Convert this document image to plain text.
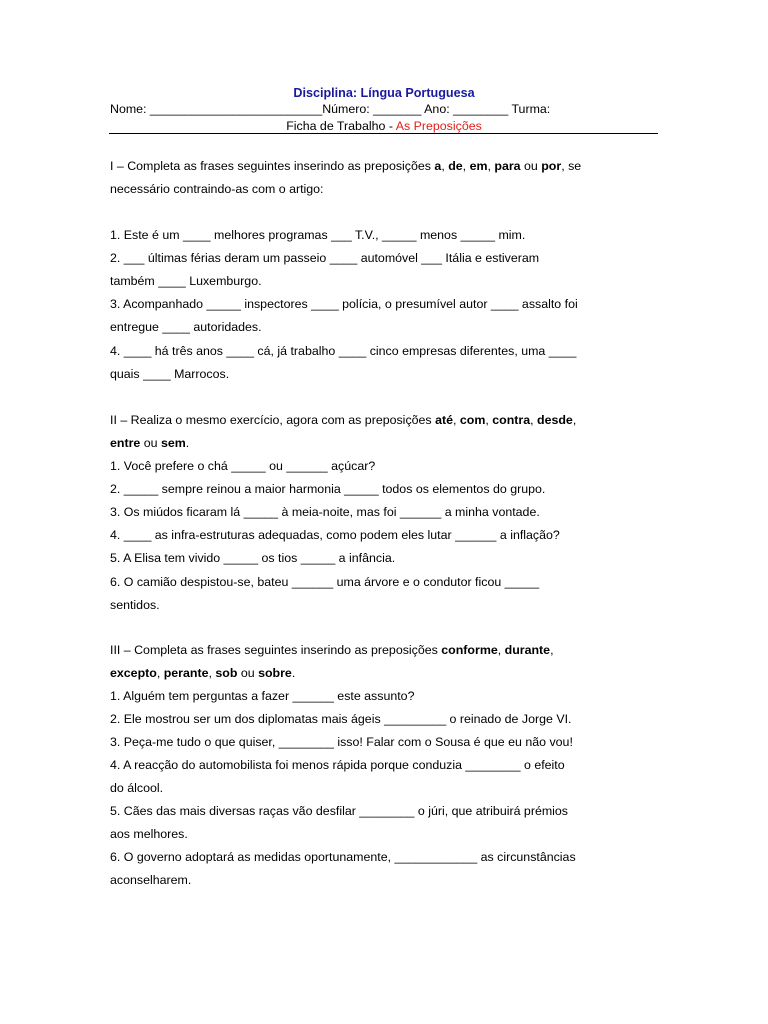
Disciplina: Língua Portuguesa
Nome: _________________________Número: _______ Ano: ________ Turma:
Ficha de Trabalho - As Preposições
I – Completa as frases seguintes inserindo as preposições a, de, em, para ou por, se
necessário contraindo-as com o artigo:
1. Este é um ____ melhores programas ___ T.V., _____ menos _____ mim.
2. ___ últimas férias deram um passeio ____ automóvel ___ Itália e estiveram
também ____ Luxemburgo.
3. Acompanhado _____ inspectores ____ polícia, o presumível autor ____ assalto foi
entregue ____ autoridades.
4. ____ há três anos ____ cá, já trabalho ____ cinco empresas diferentes, uma ____
quais ____ Marrocos.
II – Realiza o mesmo exercício, agora com as preposições até, com, contra, desde,
entre ou sem.
1. Você prefere o chá _____ ou ______ açúcar?
2. _____ sempre reinou a maior harmonia _____ todos os elementos do grupo.
3. Os miúdos ficaram lá _____ à meia-noite, mas foi ______ a minha vontade.
4. ____ as infra-estruturas adequadas, como podem eles lutar ______ a inflação?
5. A Elisa tem vivido _____ os tios _____ a infância.
6. O camião despistou-se, bateu ______ uma árvore e o condutor ficou _____
sentidos.
III – Completa as frases seguintes inserindo as preposições conforme, durante,
excepto, perante, sob ou sobre.
1. Alguém tem perguntas a fazer ______ este assunto?
2. Ele mostrou ser um dos diplomatas mais ágeis _________ o reinado de Jorge VI.
3. Peça-me tudo o que quiser, ________ isso! Falar com o Sousa é que eu não vou!
4. A reacção do automobilista foi menos rápida porque conduzia ________ o efeito
do álcool.
5. Cães das mais diversas raças vão desfilar ________ o júri, que atribuirá prémios
aos melhores.
6. O governo adoptará as medidas oportunamente, ____________ as circunstâncias
aconselharem.
